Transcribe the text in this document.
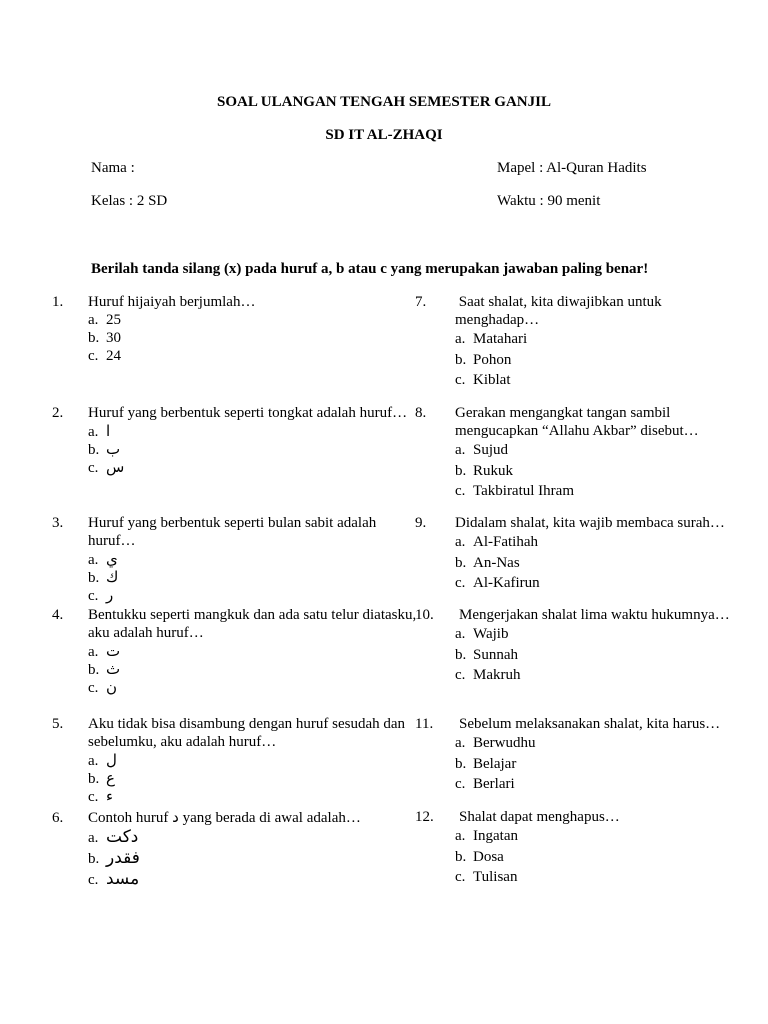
SOAL ULANGAN TENGAH SEMESTER GANJIL
SD IT AL-ZHAQI
Nama :
Kelas : 2 SD
Mapel : Al-Quran Hadits
Waktu : 90 menit
Berilah tanda silang (x) pada huruf a, b atau c yang merupakan jawaban paling benar!
1. Huruf hijaiyah berjumlah…
a. 25
b. 30
c. 24
2. Huruf yang berbentuk seperti tongkat adalah huruf…
a. ا
b. ب
c. س
3. Huruf yang berbentuk seperti bulan sabit adalah huruf…
a. ي
b. ك
c. ر
4. Bentukku seperti mangkuk dan ada satu telur diatasku, aku adalah huruf…
a. ت
b. ث
c. ن
5. Aku tidak bisa disambung dengan huruf sesudah dan sebelumku, aku adalah huruf…
a. ل
b. ع
c. ء
6. Contoh huruf د yang berada di awal adalah…
a. دكت
b. فقدر
c. مسد
7. Saat shalat, kita diwajibkan untuk menghadap…
a. Matahari
b. Pohon
c. Kiblat
8. Gerakan mengangkat tangan sambil mengucapkan “Allahu Akbar” disebut…
a. Sujud
b. Rukuk
c. Takbiratul Ihram
9. Didalam shalat, kita wajib membaca surah…
a. Al-Fatihah
b. An-Nas
c. Al-Kafirun
10. Mengerjakan shalat lima waktu hukumnya…
a. Wajib
b. Sunnah
c. Makruh
11. Sebelum melaksanakan shalat, kita harus…
a. Berwudhu
b. Belajar
c. Berlari
12. Shalat dapat menghapus…
a. Ingatan
b. Dosa
c. Tulisan
